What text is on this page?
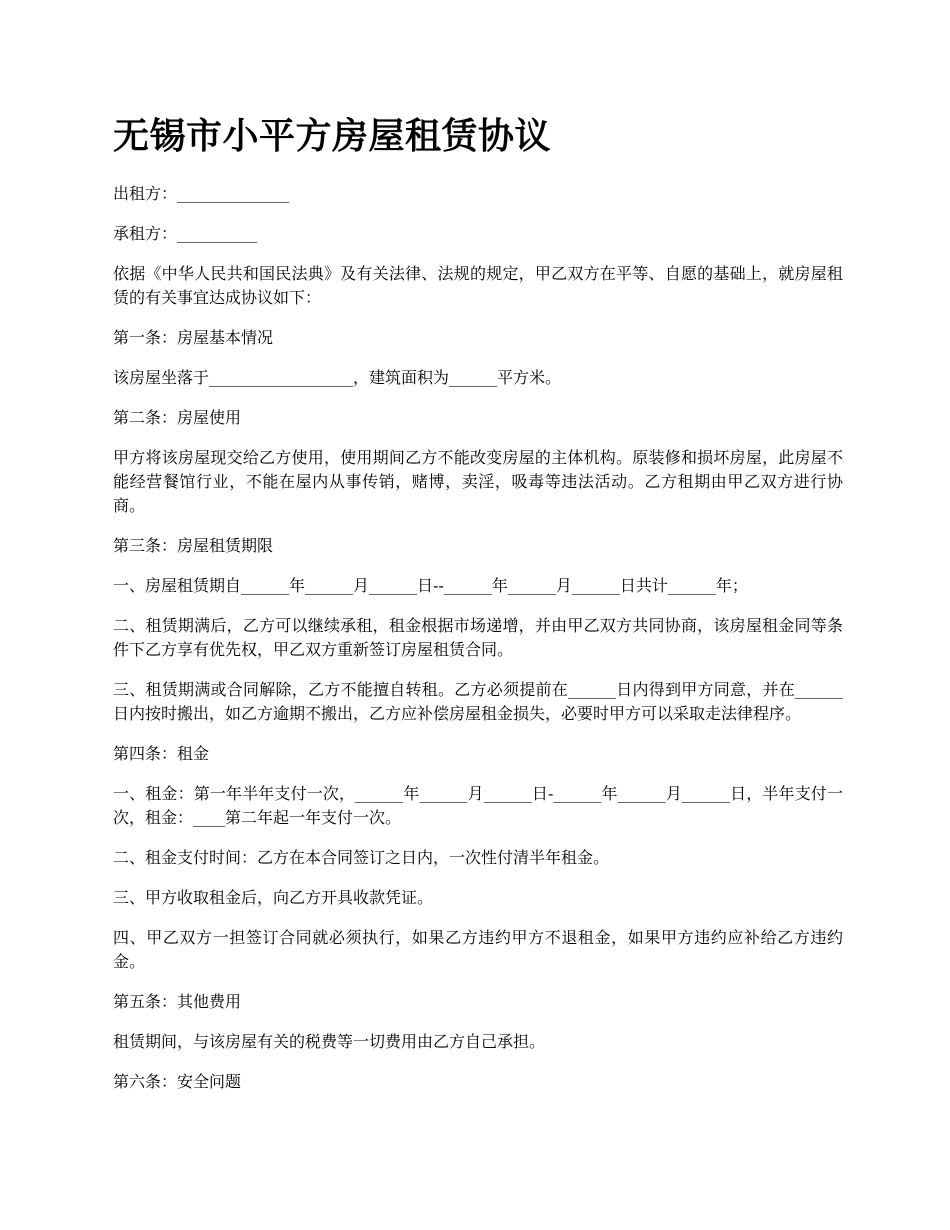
无锡市小平方房屋租赁协议

出租方：______________

承租方：__________

依据《中华人民共和国民法典》及有关法律、法规的规定，甲乙双方在平等、自愿的基础上，就房屋租赁的有关事宜达成协议如下：

第一条：房屋基本情况

该房屋坐落于__________________，建筑面积为______平方米。

第二条：房屋使用

甲方将该房屋现交给乙方使用，使用期间乙方不能改变房屋的主体机构。原装修和损坏房屋，此房屋不能经营餐馆行业，不能在屋内从事传销，赌博，卖淫，吸毒等违法活动。乙方租期由甲乙双方进行协商。

第三条：房屋租赁期限

一、房屋租赁期自______年______月______日--______年______月______日共计______年；

二、租赁期满后，乙方可以继续承租，租金根据市场递增，并由甲乙双方共同协商，该房屋租金同等条件下乙方享有优先权，甲乙双方重新签订房屋租赁合同。

三、租赁期满或合同解除，乙方不能擅自转租。乙方必须提前在______日内得到甲方同意，并在______日内按时搬出，如乙方逾期不搬出，乙方应补偿房屋租金损失，必要时甲方可以采取走法律程序。

第四条：租金

一、租金：第一年半年支付一次，______年______月______日-______年______月______日，半年支付一次，租金：____第二年起一年支付一次。

二、租金支付时间：乙方在本合同签订之日内，一次性付清半年租金。

三、甲方收取租金后，向乙方开具收款凭证。

四、甲乙双方一担签订合同就必须执行，如果乙方违约甲方不退租金，如果甲方违约应补给乙方违约金。

第五条：其他费用

租赁期间，与该房屋有关的税费等一切费用由乙方自己承担。

第六条：安全问题
